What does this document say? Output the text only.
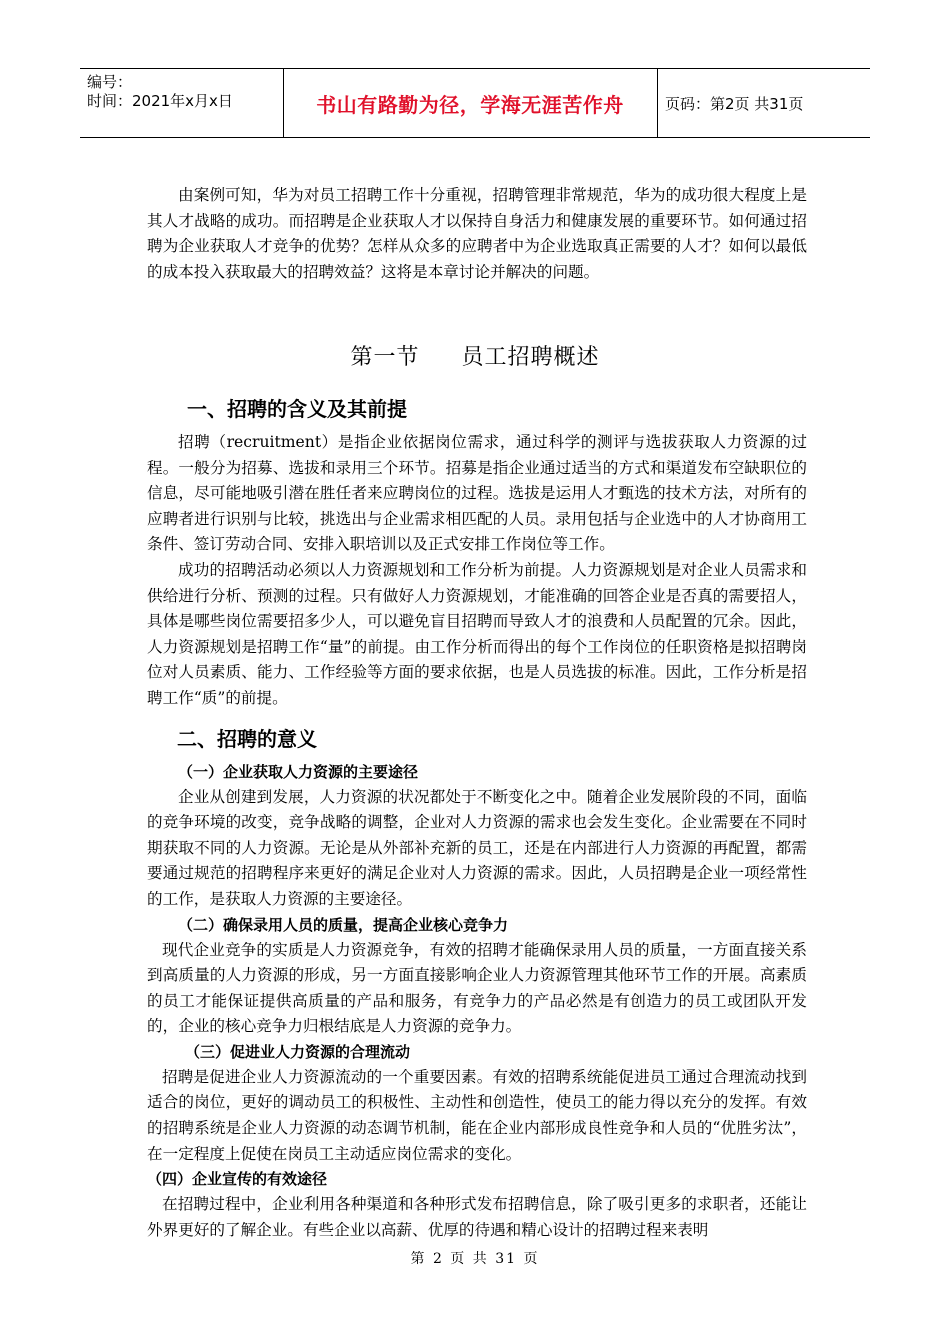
编号：
时间：2021年x月x日	书山有路勤为径，学海无涯苦作舟	页码：第2页 共31页

由案例可知，华为对员工招聘工作十分重视，招聘管理非常规范，华为的成功很大程度上是其人才战略的成功。而招聘是企业获取人才以保持自身活力和健康发展的重要环节。如何通过招聘为企业获取人才竞争的优势？怎样从众多的应聘者中为企业选取真正需要的人才？如何以最低的成本投入获取最大的招聘效益？这将是本章讨论并解决的问题。

第一节 员工招聘概述
一、招聘的含义及其前提

招聘（recruitment）是指企业依据岗位需求，通过科学的测评与选拔获取人力资源的过程。一般分为招募、选拔和录用三个环节。招募是指企业通过适当的方式和渠道发布空缺职位的信息，尽可能地吸引潜在胜任者来应聘岗位的过程。选拔是运用人才甄选的技术方法，对所有的应聘者进行识别与比较，挑选出与企业需求相匹配的人员。录用包括与企业选中的人才协商用工条件、签订劳动合同、安排入职培训以及正式安排工作岗位等工作。

成功的招聘活动必须以人力资源规划和工作分析为前提。人力资源规划是对企业人员需求和供给进行分析、预测的过程。只有做好人力资源规划，才能准确的回答企业是否真的需要招人，具体是哪些岗位需要招多少人，可以避免盲目招聘而导致人才的浪费和人员配置的冗余。因此，人力资源规划是招聘工作“量”的前提。由工作分析而得出的每个工作岗位的任职资格是拟招聘岗位对人员素质、能力、工作经验等方面的要求依据，也是人员选拔的标准。因此，工作分析是招聘工作“质”的前提。

二、招聘的意义
（一）企业获取人力资源的主要途径

企业从创建到发展，人力资源的状况都处于不断变化之中。随着企业发展阶段的不同，面临的竞争环境的改变，竞争战略的调整，企业对人力资源的需求也会发生变化。企业需要在不同时期获取不同的人力资源。无论是从外部补充新的员工，还是在内部进行人力资源的再配置，都需要通过规范的招聘程序来更好的满足企业对人力资源的需求。因此，人员招聘是企业一项经常性的工作，是获取人力资源的主要途径。

（二）确保录用人员的质量，提高企业核心竞争力

现代企业竞争的实质是人力资源竞争，有效的招聘才能确保录用人员的质量，一方面直接关系到高质量的人力资源的形成，另一方面直接影响企业人力资源管理其他环节工作的开展。高素质的员工才能保证提供高质量的产品和服务，有竞争力的产品必然是有创造力的员工或团队开发的，企业的核心竞争力归根结底是人力资源的竞争力。

（三）促进业人力资源的合理流动

招聘是促进企业人力资源流动的一个重要因素。有效的招聘系统能促进员工通过合理流动找到适合的岗位，更好的调动员工的积极性、主动性和创造性，使员工的能力得以充分的发挥。有效的招聘系统是企业人力资源的动态调节机制，能在企业内部形成良性竞争和人员的“优胜劣汰”，在一定程度上促使在岗员工主动适应岗位需求的变化。

（四）企业宣传的有效途径

在招聘过程中，企业利用各种渠道和各种形式发布招聘信息，除了吸引更多的求职者，还能让外界更好的了解企业。有些企业以高薪、优厚的待遇和精心设计的招聘过程来表明

第 2 页 共 31 页
